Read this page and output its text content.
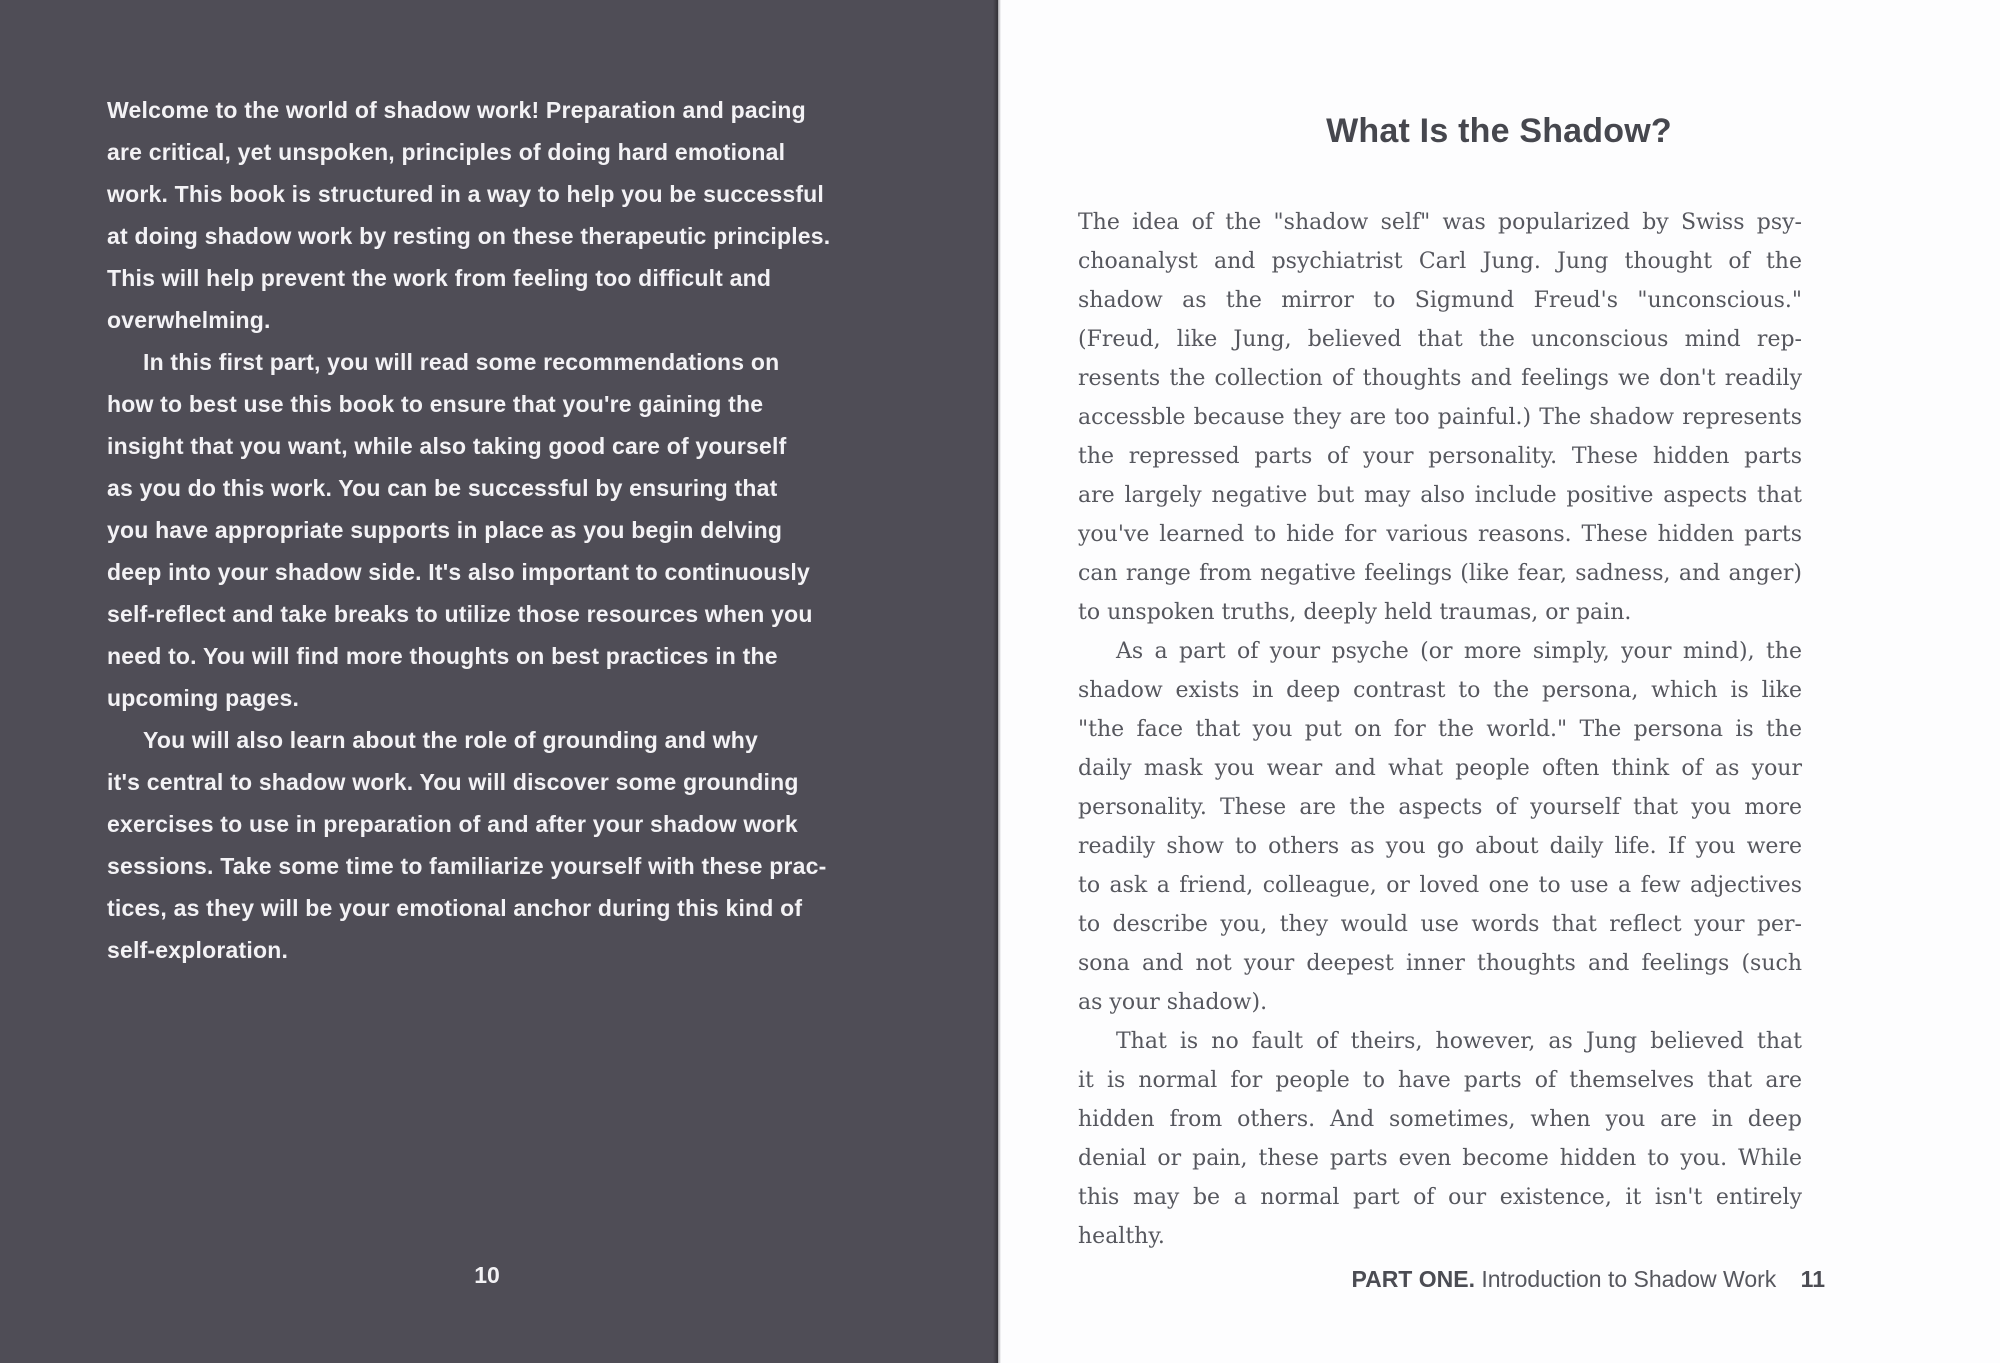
Welcome to the world of shadow work! Preparation and pacing
are critical, yet unspoken, principles of doing hard emotional
work. This book is structured in a way to help you be successful
at doing shadow work by resting on these therapeutic principles.
This will help prevent the work from feeling too difficult and
overwhelming.
In this first part, you will read some recommendations on
how to best use this book to ensure that you're gaining the
insight that you want, while also taking good care of yourself
as you do this work. You can be successful by ensuring that
you have appropriate supports in place as you begin delving
deep into your shadow side. It's also important to continuously
self-reflect and take breaks to utilize those resources when you
need to. You will find more thoughts on best practices in the
upcoming pages.
You will also learn about the role of grounding and why
it's central to shadow work. You will discover some grounding
exercises to use in preparation of and after your shadow work
sessions. Take some time to familiarize yourself with these prac-
tices, as they will be your emotional anchor during this kind of
self-exploration.
10
What Is the Shadow?
The idea of the "shadow self" was popularized by Swiss psy-
choanalyst and psychiatrist Carl Jung. Jung thought of the
shadow as the mirror to Sigmund Freud's "unconscious."
(Freud, like Jung, believed that the unconscious mind rep-
resents the collection of thoughts and feelings we don't readily
accessble because they are too painful.) The shadow represents
the repressed parts of your personality. These hidden parts
are largely negative but may also include positive aspects that
you've learned to hide for various reasons. These hidden parts
can range from negative feelings (like fear, sadness, and anger)
to unspoken truths, deeply held traumas, or pain.
As a part of your psyche (or more simply, your mind), the
shadow exists in deep contrast to the persona, which is like
"the face that you put on for the world." The persona is the
daily mask you wear and what people often think of as your
personality. These are the aspects of yourself that you more
readily show to others as you go about daily life. If you were
to ask a friend, colleague, or loved one to use a few adjectives
to describe you, they would use words that reflect your per-
sona and not your deepest inner thoughts and feelings (such
as your shadow).
That is no fault of theirs, however, as Jung believed that
it is normal for people to have parts of themselves that are
hidden from others. And sometimes, when you are in deep
denial or pain, these parts even become hidden to you. While
this may be a normal part of our existence, it isn't entirely
healthy.
PART ONE. Introduction to Shadow Work 11
